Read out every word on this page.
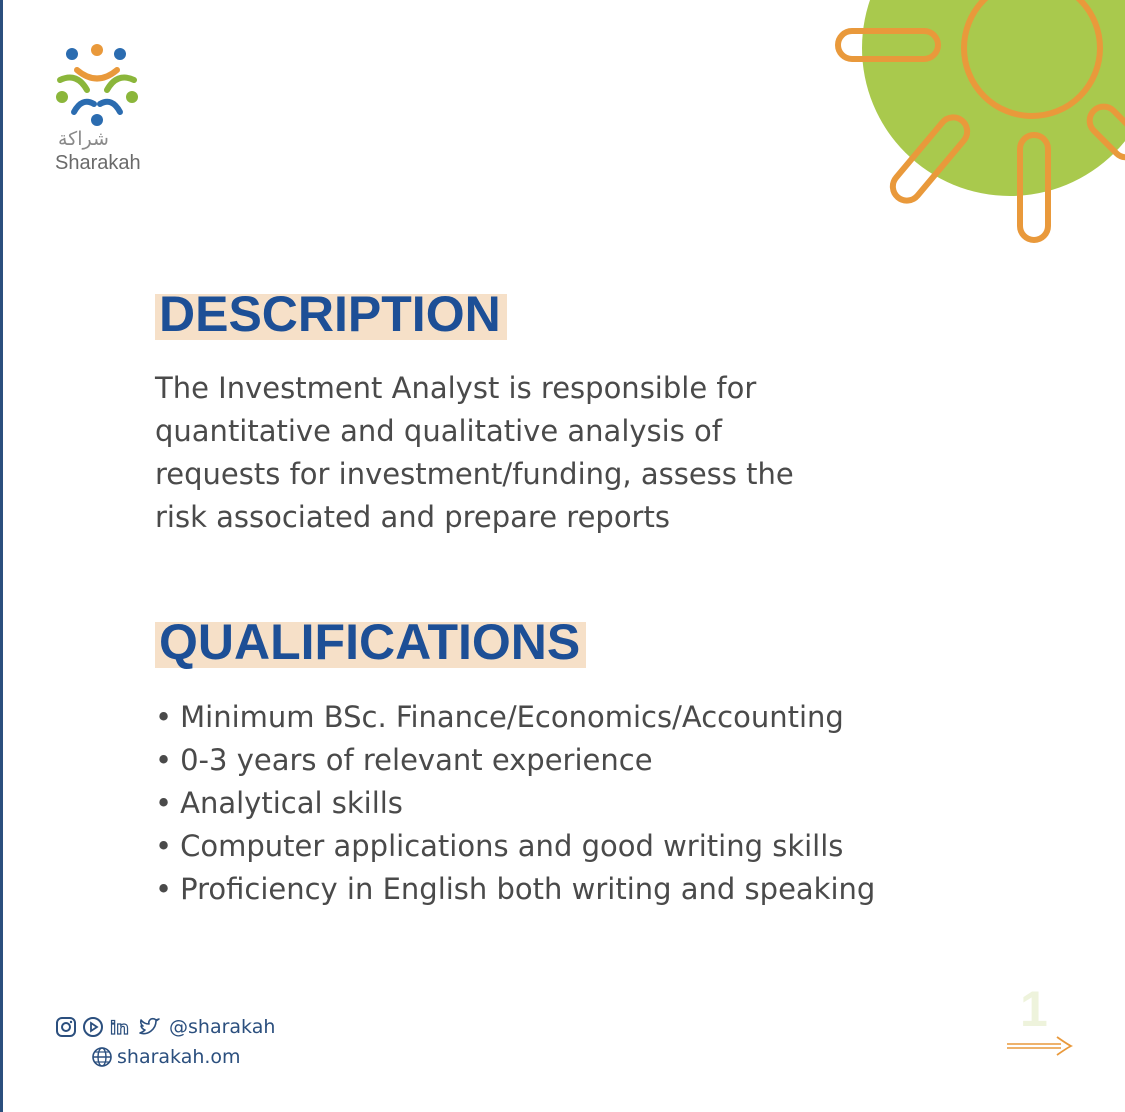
شراكة
Sharakah
DESCRIPTION

The Investment Analyst is responsible for
quantitative and qualitative analysis of
requests for investment/funding, assess the
risk associated and prepare reports

QUALIFICATIONS
• Minimum BSc. Finance/Economics/Accounting
• 0-3 years of relevant experience
• Analytical skills
• Computer applications and good writing skills
• Proficiency in English both writing and speaking
in @sharakah
sharakah.om
1
